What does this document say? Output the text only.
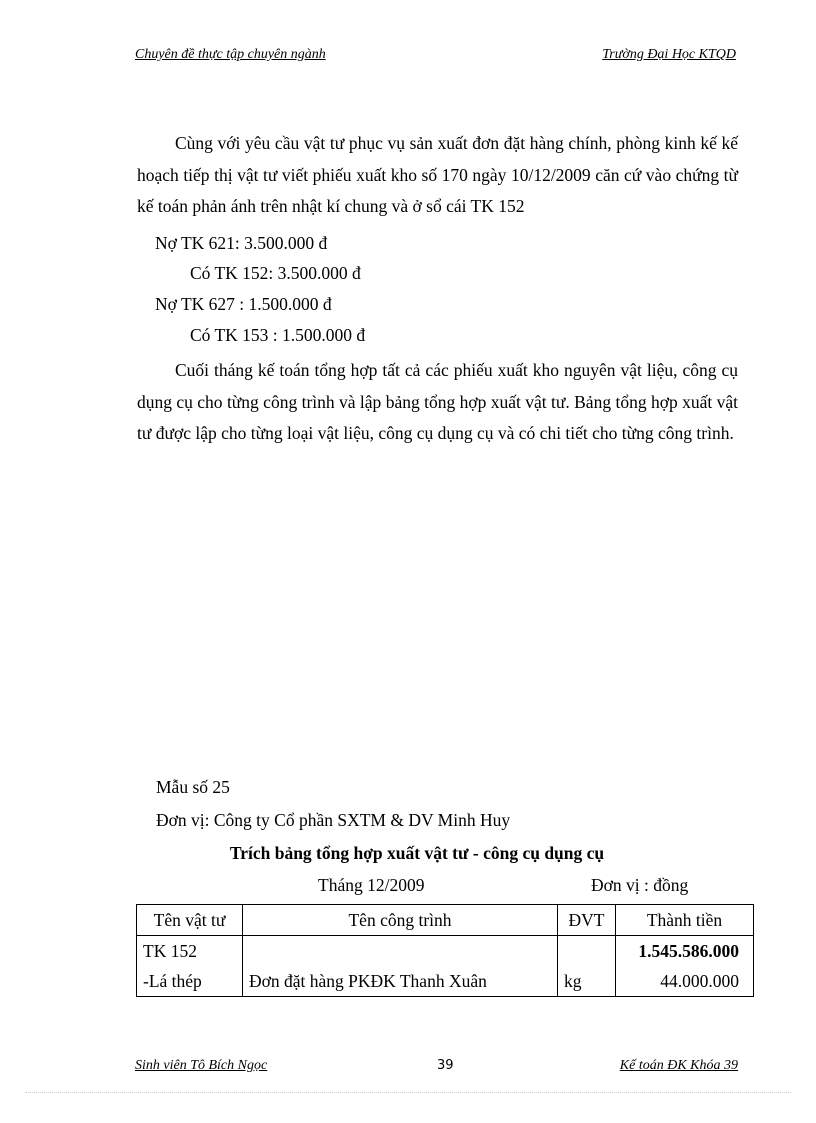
Chuyên đề thực tập chuyên ngành	Trường Đại Học KTQD
Cùng với yêu cầu vật tư phục vụ sản xuất đơn đặt hàng chính, phòng kinh kế kế hoạch tiếp thị vật tư viết phiếu xuất kho số 170 ngày 10/12/2009 căn cứ vào chứng từ kế toán phản ánh trên nhật kí chung và ở sổ cái TK 152
Nợ TK 621: 3.500.000 đ
Có TK 152: 3.500.000 đ
Nợ TK 627 : 1.500.000 đ
Có TK 153 : 1.500.000 đ
Cuối tháng kế toán tổng hợp tất cả các phiếu xuất kho nguyên vật liệu, công cụ dụng cụ cho từng công trình và lập bảng tổng hợp xuất vật tư. Bảng tổng hợp xuất vật tư được lập cho từng loại vật liệu, công cụ dụng cụ và có chi tiết cho từng công trình.
Mẫu số 25
Đơn vị: Công ty Cổ phần SXTM & DV Minh Huy
Trích bảng tổng hợp xuất vật tư - công cụ dụng cụ
Tháng 12/2009	Đơn vị : đồng
Tên vật tư	Tên công trình	ĐVT	Thành tiền
TK 152			1.545.586.000
-Lá thép	Đơn đặt hàng PKĐK Thanh Xuân	kg	44.000.000
Sinh viên Tô Bích Ngọc	39	Kế toán ĐK Khóa 39
